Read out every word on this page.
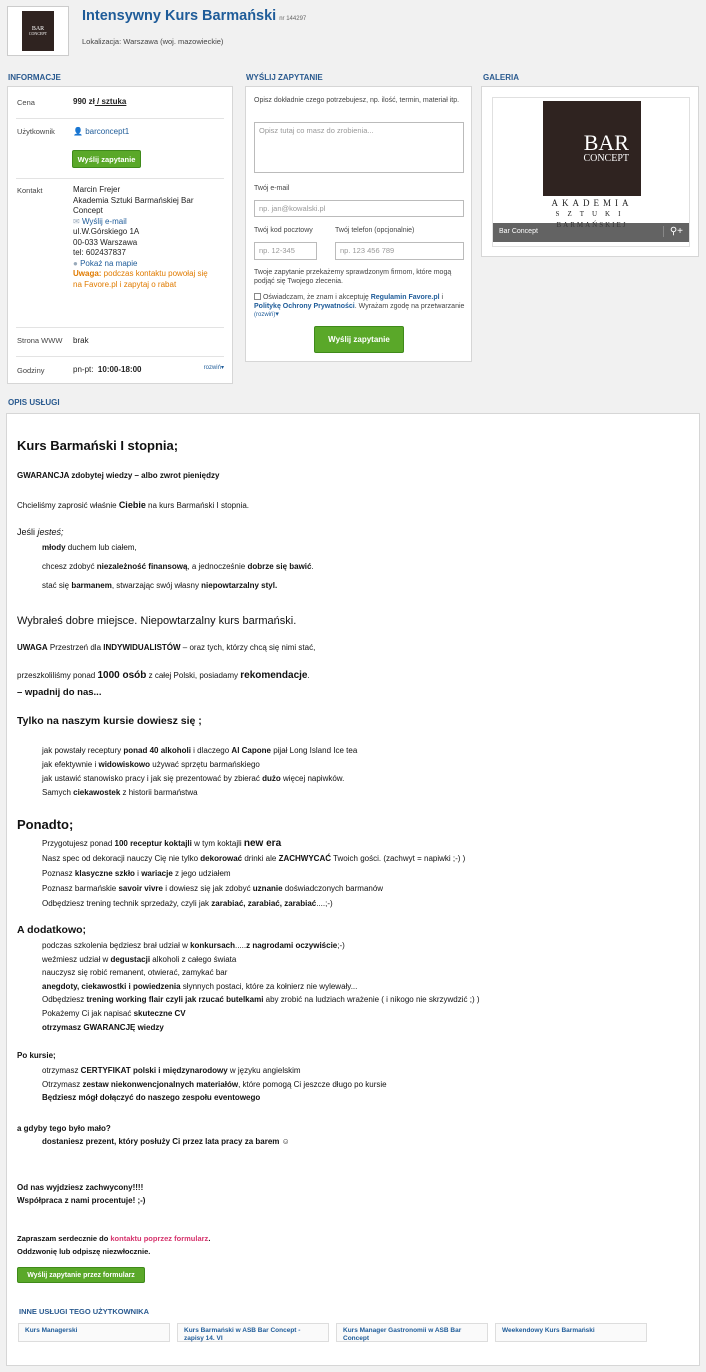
BAR
CONCEPT
Intensywny Kurs Barmański nr 144297
Lokalizacja: Warszawa (woj. mazowieckie)
INFORMACJE	WYŚLIJ ZAPYTANIE	GALERIA
Cena	990 zł / sztuka
Użytkownik 👤 barconcept1
Wyślij zapytanie
Kontakt	Marcin Frejer
Akademia Sztuki Barmańskiej Bar
Concept
✉ Wyślij e-mail
ul.W.Górskiego 1A
00-033 Warszawa
tel: 602437837
● Pokaż na mapie
Uwaga: podczas kontaktu powołaj się
na Favore.pl i zapytaj o rabat
Strona WWW brak
Godziny	pn-pt: 10:00-18:00	rozwiń▾
Opisz dokładnie czego potrzebujesz, np. ilość, termin, materiał itp.
Opisz tutaj co masz do zrobienia...
Twój e-mail
np. jan@kowalski.pl
Twój kod pocztowy	Twój telefon (opcjonalnie)
np. 12-345	np. 123 456 789
Twoje zapytanie przekażemy sprawdzonym firmom, które mogą podjąć się Twojego zlecenia.
Oświadczam, że znam i akceptuję Regulamin Favore.pl i Politykę Ochrony Prywatności. Wyrażam zgodę na przetwarzanie (rozwiń)▾
Wyślij zapytanie
BAR
CONCEPT
AKADEMIA
SZTUKI
Bar Concept	⚲+
OPIS USŁUGI
Kurs Barmański I stopnia;
GWARANCJA zdobytej wiedzy – albo zwrot pieniędzy
Chcieliśmy zaprosić właśnie Ciebie na kurs Barmański I stopnia.
Jeśli jesteś;
młody duchem lub ciałem,
chcesz zdobyć niezależność finansową, a jednocześnie dobrze się bawić.
stać się barmanem, stwarzając swój własny niepowtarzalny styl.
Wybrałeś dobre miejsce. Niepowtarzalny kurs barmański.
UWAGA Przestrzeń dla INDYWIDUALISTÓW – oraz tych, którzy chcą się nimi stać,
przeszkoliliśmy ponad 1000 osób z całej Polski, posiadamy rekomendacje.
– wpadnij do nas...
Tylko na naszym kursie dowiesz się ;
jak powstały receptury ponad 40 alkoholi i dlaczego Al Capone pijał Long Island Ice tea
jak efektywnie i widowiskowo używać sprzętu barmańskiego
jak ustawić stanowisko pracy i jak się prezentować by zbierać dużo więcej napiwków.
Samych ciekawostek z historii barmaństwa
Ponadto;
Przygotujesz ponad 100 receptur koktajli w tym koktajli new era
Nasz spec od dekoracji nauczy Cię nie tylko dekorować drinki ale ZACHWYCAĆ Twoich gości. (zachwyt = napiwki ;-) )
Poznasz klasyczne szkło i wariacje z jego udziałem
Poznasz barmańskie savoir vivre i dowiesz się jak zdobyć uznanie doświadczonych barmanów
Odbędziesz trening technik sprzedaży, czyli jak zarabiać, zarabiać, zarabiać....;-)
A dodatkowo;
podczas szkolenia będziesz brał udział w konkursach.....z nagrodami oczywiście;-)
weźmiesz udział w degustacji alkoholi z całego świata
nauczysz się robić remanent, otwierać, zamykać bar
anegdoty, ciekawostki i powiedzenia słynnych postaci, które za kołnierz nie wylewały...
Odbędziesz trening working flair czyli jak rzucać butelkami aby zrobić na ludziach wrażenie ( i nikogo nie skrzywdzić ;) )
Pokażemy Ci jak napisać skuteczne CV
otrzymasz GWARANCJĘ wiedzy
Po kursie;
otrzymasz CERTYFIKAT polski i międzynarodowy w języku angielskim
Otrzymasz zestaw niekonwencjonalnych materiałów, które pomogą Ci jeszcze długo po kursie
Będziesz mógł dołączyć do naszego zespołu eventowego
a gdyby tego było mało?
dostaniesz prezent, który posłuży Ci przez lata pracy za barem ☺
Od nas wyjdziesz zachwycony!!!!
Współpraca z nami procentuje! ;-)
Zapraszam serdecznie do kontaktu poprzez formularz.
Oddzwonię lub odpiszę niezwłocznie.
Wyślij zapytanie przez formularz
INNE USŁUGI TEGO UŻYTKOWNIKA
Kurs Managerski	Kurs Barmański w ASB Bar Concept - zapisy 14. VI
Kurs Manager Gastronomii w ASB Bar Concept
Weekendowy Kurs Barmański
